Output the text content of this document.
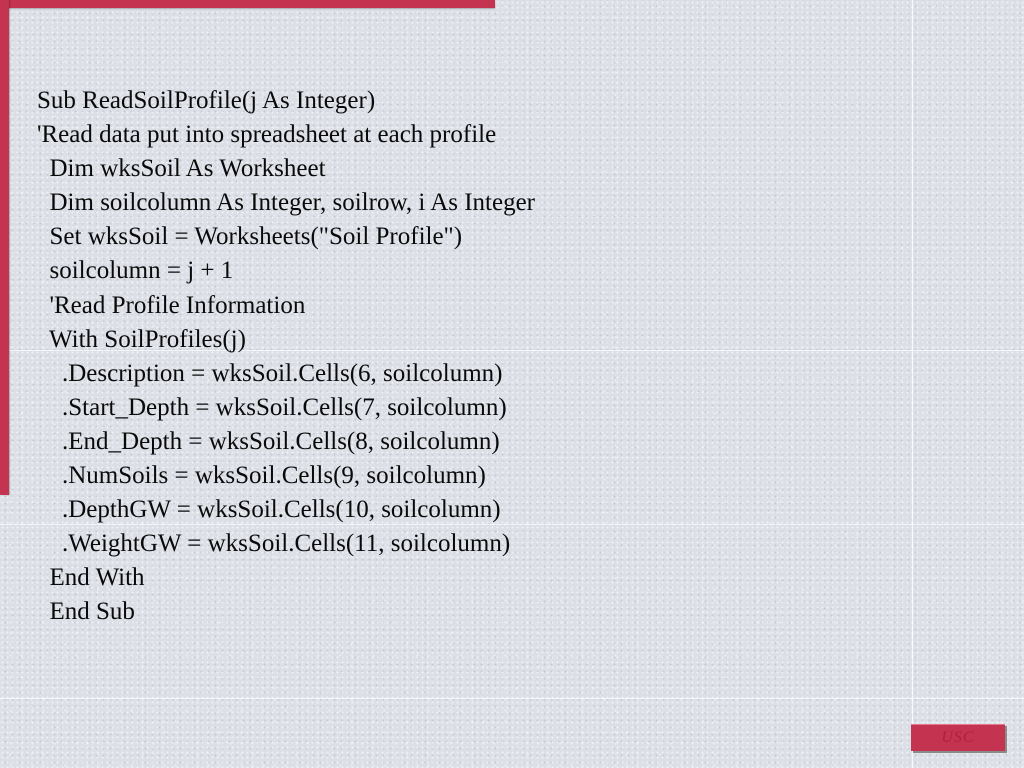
Sub ReadSoilProfile(j As Integer)
'Read data put into spreadsheet at each profile
Dim wksSoil As Worksheet
Dim soilcolumn As Integer, soilrow, i As Integer
Set wksSoil = Worksheets("Soil Profile")
soilcolumn = j + 1
'Read Profile Information
With SoilProfiles(j)
.Description = wksSoil.Cells(6, soilcolumn)
.Start_Depth = wksSoil.Cells(7, soilcolumn)
.End_Depth = wksSoil.Cells(8, soilcolumn)
.NumSoils = wksSoil.Cells(9, soilcolumn)
.DepthGW = wksSoil.Cells(10, soilcolumn)
.WeightGW = wksSoil.Cells(11, soilcolumn)
End With
End Sub
USC
